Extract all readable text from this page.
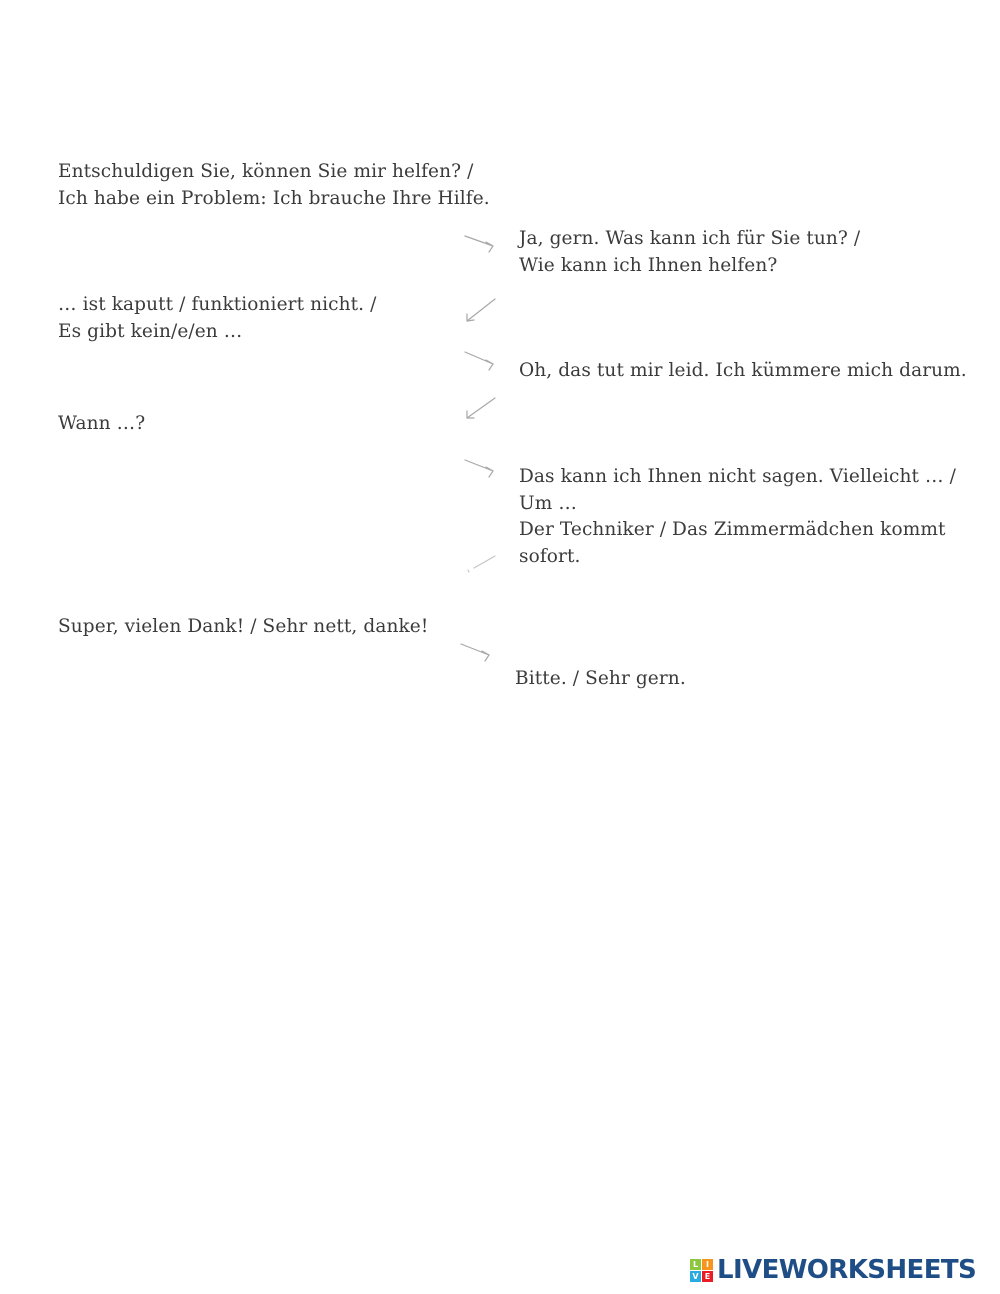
Entschuldigen Sie, können Sie mir helfen? /
Ich habe ein Problem: Ich brauche Ihre Hilfe.
… ist kaputt / funktioniert nicht. /
Es gibt kein/e/en …
Wann …?
Super, vielen Dank! / Sehr nett, danke!
Ja, gern. Was kann ich für Sie tun? /
Wie kann ich Ihnen helfen?
Oh, das tut mir leid. Ich kümmere mich darum.
Das kann ich Ihnen nicht sagen. Vielleicht … /
Um …
Der Techniker / Das Zimmermädchen kommt
sofort.
Bitte. / Sehr gern.
L I
V E LIVEWORKSHEETS
